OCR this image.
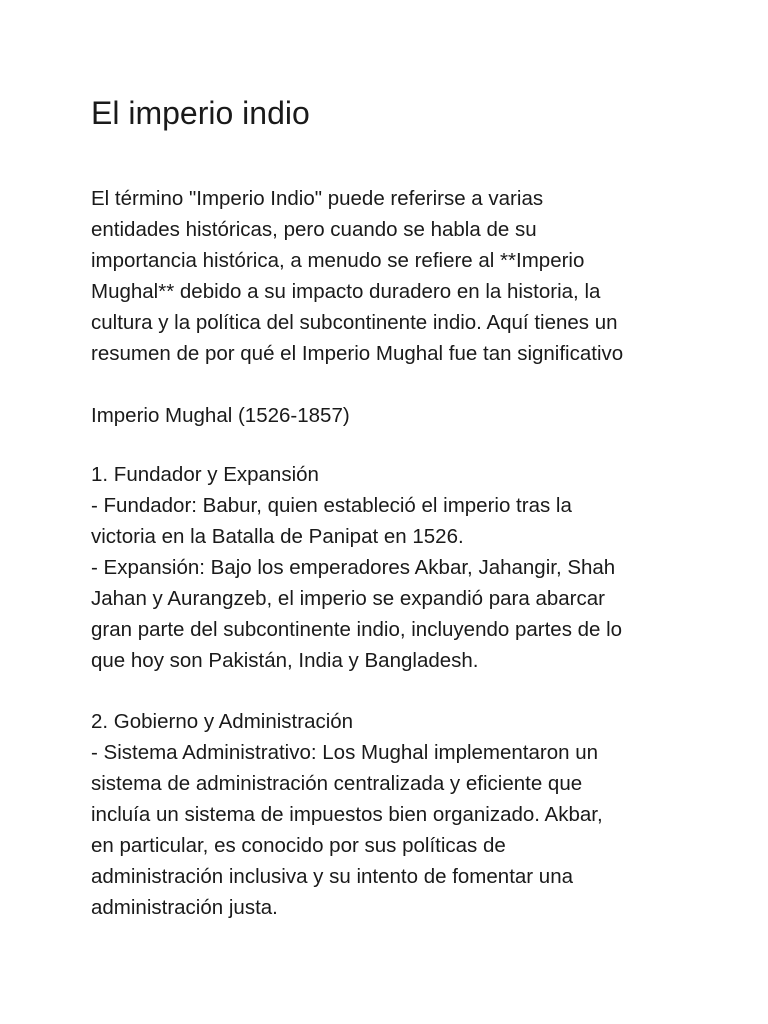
El imperio indio

El término "Imperio Indio" puede referirse a varias
entidades históricas, pero cuando se habla de su
importancia histórica, a menudo se refiere al **Imperio
Mughal** debido a su impacto duradero en la historia, la
cultura y la política del subcontinente indio. Aquí tienes un
resumen de por qué el Imperio Mughal fue tan significativo

Imperio Mughal (1526-1857)

1. Fundador y Expansión
- Fundador: Babur, quien estableció el imperio tras la
victoria en la Batalla de Panipat en 1526.
- Expansión: Bajo los emperadores Akbar, Jahangir, Shah
Jahan y Aurangzeb, el imperio se expandió para abarcar
gran parte del subcontinente indio, incluyendo partes de lo
que hoy son Pakistán, India y Bangladesh.

2. Gobierno y Administración
- Sistema Administrativo: Los Mughal implementaron un
sistema de administración centralizada y eficiente que
incluía un sistema de impuestos bien organizado. Akbar,
en particular, es conocido por sus políticas de
administración inclusiva y su intento de fomentar una
administración justa.
